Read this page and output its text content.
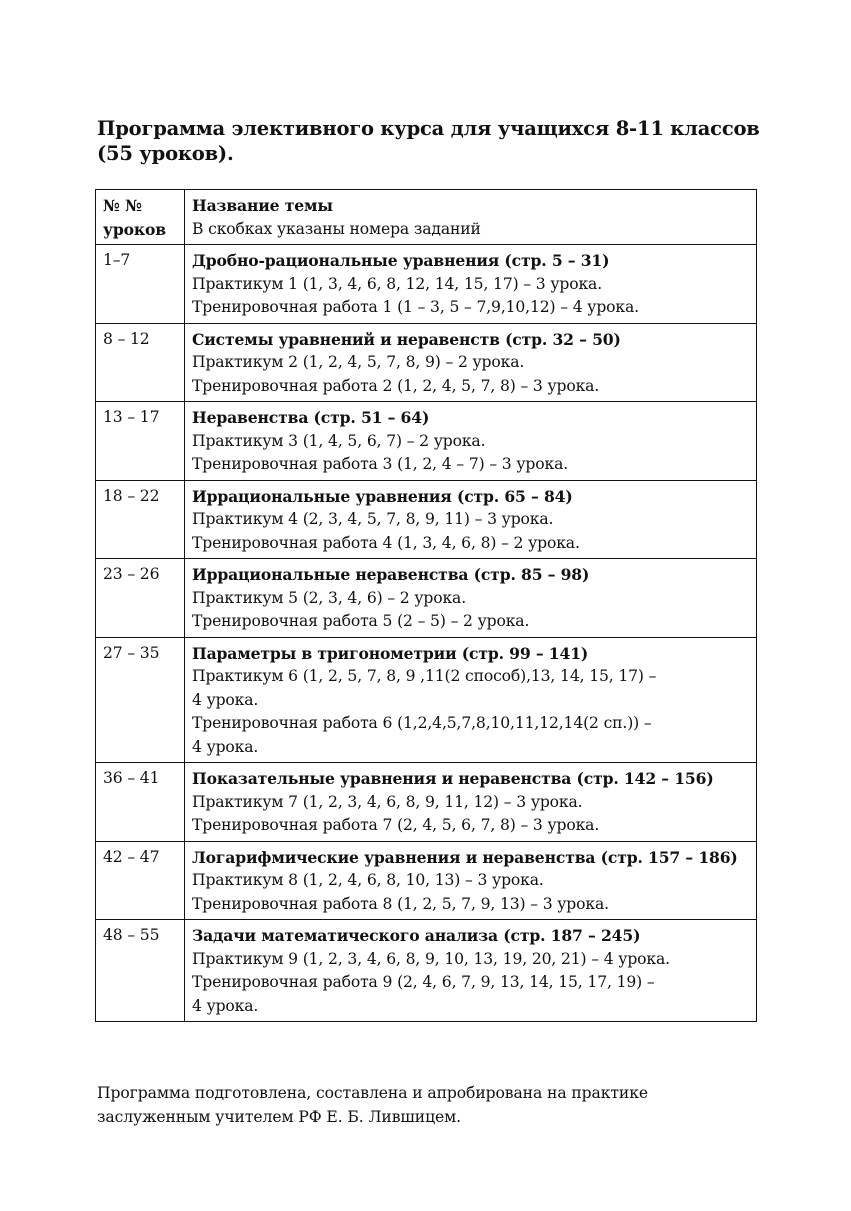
Программа элективного курса для учащихся 8-11 классов (55 уроков).
№ №
уроков	Название темы
В скобках указаны номера заданий

1–7	Дробно-рациональные уравнения (стр. 5 – 31)
Практикум 1 (1, 3, 4, 6, 8, 12, 14, 15, 17) – 3 урока.
Тренировочная работа 1 (1 – 3, 5 – 7,9,10,12) – 4 урока.

8 – 12	Системы уравнений и неравенств (стр. 32 – 50)
Практикум 2 (1, 2, 4, 5, 7, 8, 9) – 2 урока.
Тренировочная работа 2 (1, 2, 4, 5, 7, 8) – 3 урока.

13 – 17	Неравенства (стр. 51 – 64)
Практикум 3 (1, 4, 5, 6, 7) – 2 урока.
Тренировочная работа 3 (1, 2, 4 – 7) – 3 урока.

18 – 22	Иррациональные уравнения (стр. 65 – 84)
Практикум 4 (2, 3, 4, 5, 7, 8, 9, 11) – 3 урока.
Тренировочная работа 4 (1, 3, 4, 6, 8) – 2 урока.

23 – 26	Иррациональные неравенства (стр. 85 – 98)
Практикум 5 (2, 3, 4, 6) – 2 урока.
Тренировочная работа 5 (2 – 5) – 2 урока.

27 – 35	Параметры в тригонометрии (стр. 99 – 141)
Практикум 6 (1, 2, 5, 7, 8, 9 ,11(2 способ),13, 14, 15, 17) –
4 урока.
Тренировочная работа 6 (1,2,4,5,7,8,10,11,12,14(2 сп.)) –
4 урока.

36 – 41	Показательные уравнения и неравенства (стр. 142 – 156)
Практикум 7 (1, 2, 3, 4, 6, 8, 9, 11, 12) – 3 урока.
Тренировочная работа 7 (2, 4, 5, 6, 7, 8) – 3 урока.

42 – 47	Логарифмические уравнения и неравенства (стр. 157 – 186)
Практикум 8 (1, 2, 4, 6, 8, 10, 13) – 3 урока.
Тренировочная работа 8 (1, 2, 5, 7, 9, 13) – 3 урока.

48 – 55	Задачи математического анализа (стр. 187 – 245)
Практикум 9 (1, 2, 3, 4, 6, 8, 9, 10, 13, 19, 20, 21) – 4 урока.
Тренировочная работа 9 (2, 4, 6, 7, 9, 13, 14, 15, 17, 19) –
4 урока.

Программа подготовлена, составлена и апробирована на практике
заслуженным учителем РФ Е. Б. Лившицем.
